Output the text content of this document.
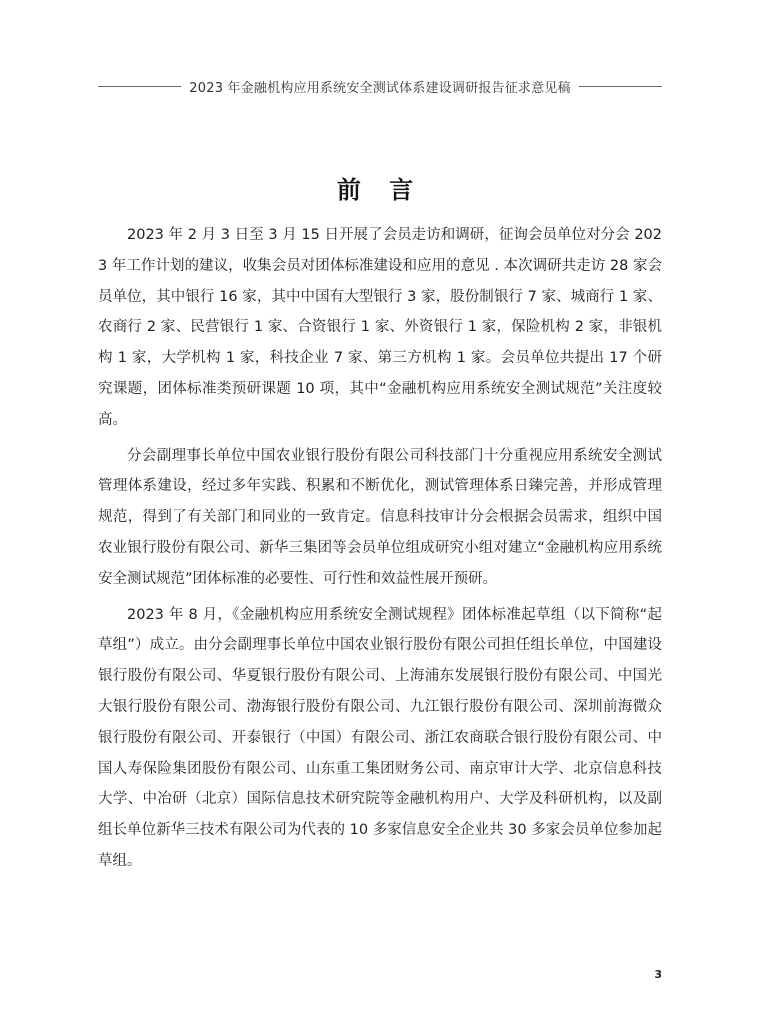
2023 年金融机构应用系统安全测试体系建设调研报告征求意见稿
前 言

2023 年 2 月 3 日至 3 月 15 日开展了会员走访和调研，征询会员单位对分会 2023 年工作计划的建议，收集会员对团体标准建设和应用的意见 . 本次调研共走访 28 家会员单位，其中银行 16 家，其中中国有大型银行 3 家，股份制银行 7 家、城商行 1 家、农商行 2 家、民营银行 1 家、合资银行 1 家、外资银行 1 家，保险机构 2 家，非银机构 1 家，大学机构 1 家，科技企业 7 家、第三方机构 1 家。会员单位共提出 17 个研究课题，团体标准类预研课题 10 项，其中“金融机构应用系统安全测试规范”关注度较高。

分会副理事长单位中国农业银行股份有限公司科技部门十分重视应用系统安全测试管理体系建设，经过多年实践、积累和不断优化，测试管理体系日臻完善，并形成管理规范，得到了有关部门和同业的一致肯定。信息科技审计分会根据会员需求，组织中国农业银行股份有限公司、新华三集团等会员单位组成研究小组对建立“金融机构应用系统安全测试规范”团体标准的必要性、可行性和效益性展开预研。

2023 年 8 月，《金融机构应用系统安全测试规程》团体标准起草组（以下简称“起草组”）成立。由分会副理事长单位中国农业银行股份有限公司担任组长单位，中国建设银行股份有限公司、华夏银行股份有限公司、上海浦东发展银行股份有限公司、中国光大银行股份有限公司、渤海银行股份有限公司、九江银行股份有限公司、深圳前海微众银行股份有限公司、开泰银行（中国）有限公司、浙江农商联合银行股份有限公司、中国人寿保险集团股份有限公司、山东重工集团财务公司、南京审计大学、北京信息科技大学、中冶研（北京）国际信息技术研究院等金融机构用户、大学及科研机构，以及副组长单位新华三技术有限公司为代表的 10 多家信息安全企业共 30 多家会员单位参加起草组。

3
